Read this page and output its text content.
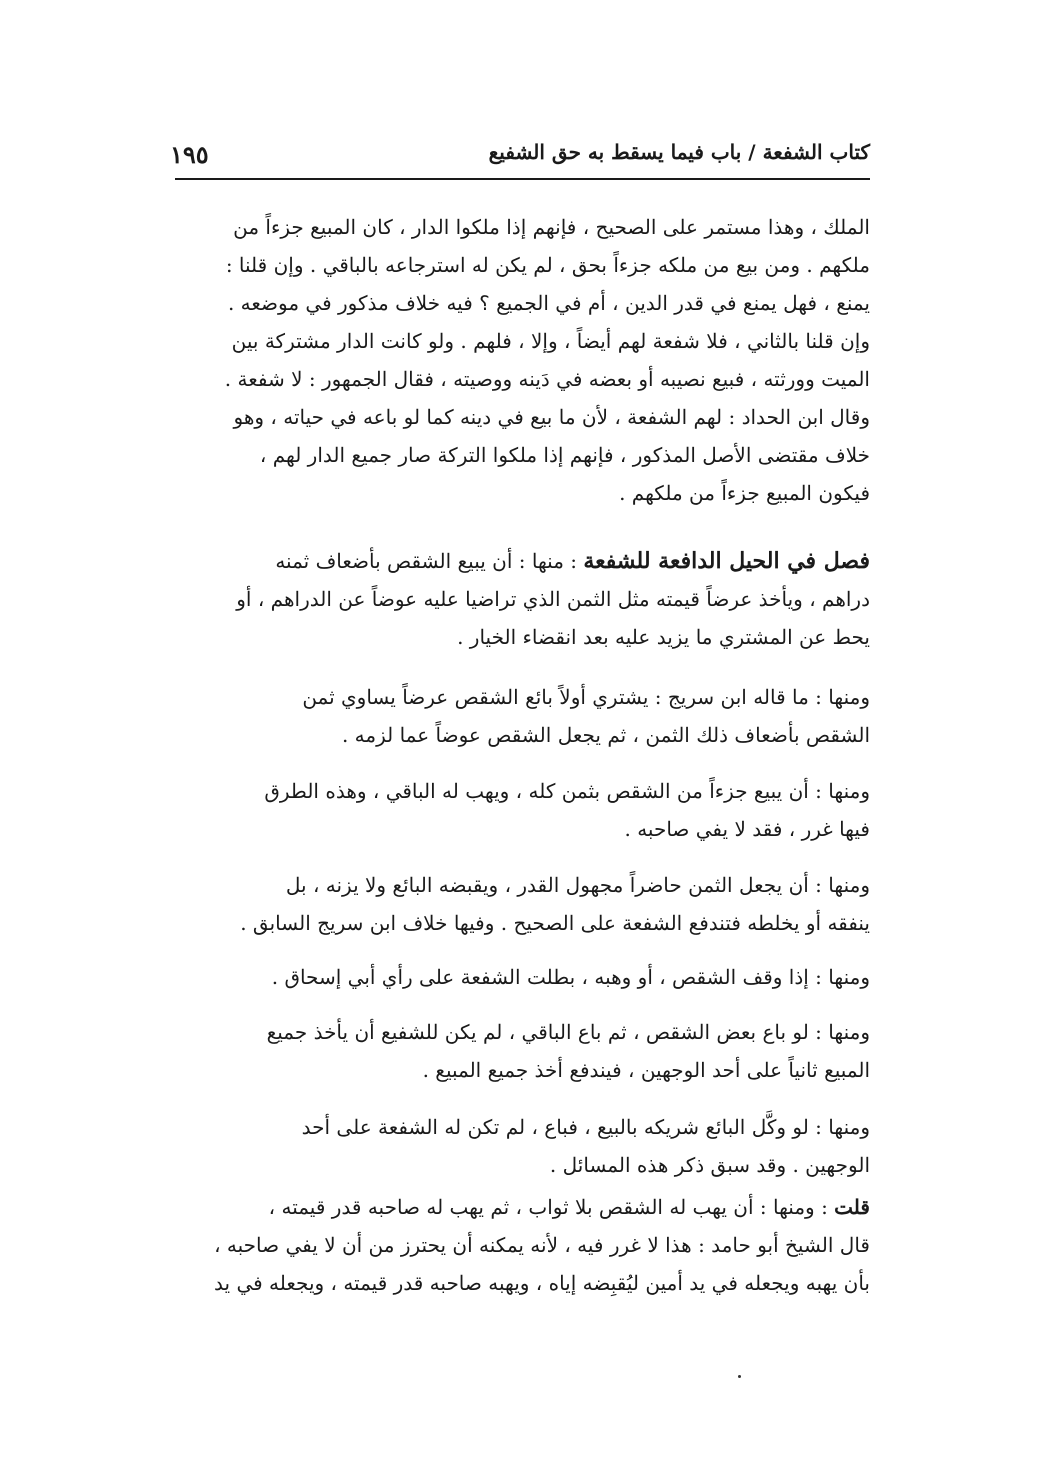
كتاب الشفعة / باب فيما يسقط به حق الشفيع
١٩٥

الملك ، وهذا مستمر على الصحيح ، فإنهم إذا ملكوا الدار ، كان المبيع جزءاً من

ملكهم . ومن بيع من ملكه جزءاً بحق ، لم يكن له استرجاعه بالباقي . وإن قلنا :

يمنع ، فهل يمنع في قدر الدين ، أم في الجميع ؟ فيه خلاف مذكور في موضعه .

وإن قلنا بالثاني ، فلا شفعة لهم أيضاً ، وإلا ، فلهم . ولو كانت الدار مشتركة بين

الميت وورثته ، فبيع نصيبه أو بعضه في دَينه ووصيته ، فقال الجمهور : لا شفعة .

وقال ابن الحداد : لهم الشفعة ، لأن ما بيع في دينه كما لو باعه في حياته ، وهو

خلاف مقتضى الأصل المذكور ، فإنهم إذا ملكوا التركة صار جميع الدار لهم ،

فيكون المبيع جزءاً من ملكهم .

فصل في الحيل الدافعة للشفعة : منها : أن يبيع الشقص بأضعاف ثمنه

دراهم ، ويأخذ عرضاً قيمته مثل الثمن الذي تراضيا عليه عوضاً عن الدراهم ، أو

يحط عن المشتري ما يزيد عليه بعد انقضاء الخيار .

ومنها : ما قاله ابن سريج : يشتري أولاً بائع الشقص عرضاً يساوي ثمن

الشقص بأضعاف ذلك الثمن ، ثم يجعل الشقص عوضاً عما لزمه .

ومنها : أن يبيع جزءاً من الشقص بثمن كله ، ويهب له الباقي ، وهذه الطرق

فيها غرر ، فقد لا يفي صاحبه .

ومنها : أن يجعل الثمن حاضراً مجهول القدر ، ويقبضه البائع ولا يزنه ، بل

ينفقه أو يخلطه فتندفع الشفعة على الصحيح . وفيها خلاف ابن سريج السابق .

ومنها : إذا وقف الشقص ، أو وهبه ، بطلت الشفعة على رأي أبي إسحاق .

ومنها : لو باع بعض الشقص ، ثم باع الباقي ، لم يكن للشفيع أن يأخذ جميع

المبيع ثانياً على أحد الوجهين ، فيندفع أخذ جميع المبيع .

ومنها : لو وكَّل البائع شريكه بالبيع ، فباع ، لم تكن له الشفعة على أحد

الوجهين . وقد سبق ذكر هذه المسائل .

قلت : ومنها : أن يهب له الشقص بلا ثواب ، ثم يهب له صاحبه قدر قيمته ،

قال الشيخ أبو حامد : هذا لا غرر فيه ، لأنه يمكنه أن يحترز من أن لا يفي صاحبه ،

بأن يهبه ويجعله في يد أمين ليُقبِضه إياه ، ويهبه صاحبه قدر قيمته ، ويجعله في يد
